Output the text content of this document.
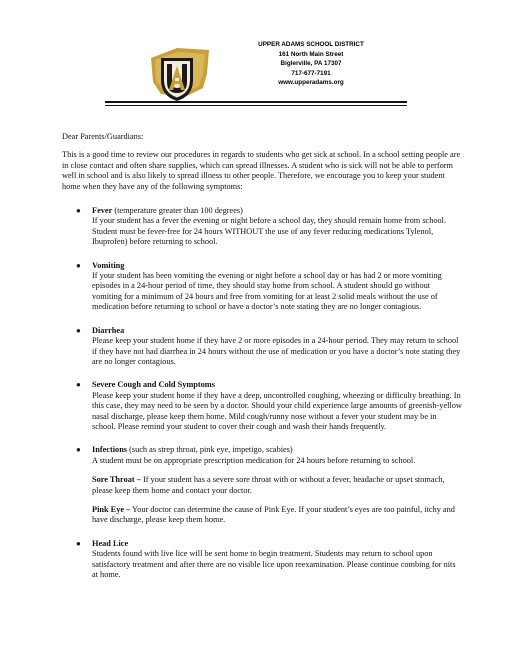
UPPER ADAMS SCHOOL DISTRICT
161 North Main Street
Biglerville, PA 17307
717-677-7191
www.upperadams.org

Dear Parents/Guardians:

This is a good time to review our procedures in regards to students who get sick at school. In a school setting people are in close contact and often share supplies, which can spread illnesses. A student who is sick will not be able to perform well in school and is also likely to spread illness to other people. Therefore, we encourage you to keep your student home when they have any of the following symptoms:

● Fever (temperature greater than 100 degrees)

If your student has a fever the evening or night before a school day, they should remain home from school. Student must be fever-free for 24 hours WITHOUT the use of any fever reducing medications Tylenol, Ibuprofen) before returning to school.

● Vomiting

If your student has been vomiting the evening or night before a school day or has had 2 or more vomiting episodes in a 24-hour period of time, they should stay home from school. A student should go without vomiting for a minimum of 24 hours and free from vomiting for at least 2 solid meals without the use of medication before returning to school or have a doctor’s note stating they are no longer contagious.

● Diarrhea

Please keep your student home if they have 2 or more episodes in a 24-hour period. They may return to school if they have not had diarrhea in 24 hours without the use of medication or you have a doctor’s note stating they are no longer contagious.

● Severe Cough and Cold Symptoms

Please keep your student home if they have a deep, uncontrolled coughing, wheezing or difficulty breathing. In this case, they may need to be seen by a doctor. Should your child experience large amounts of greenish-yellow nasal discharge, please keep them home. Mild cough/runny nose without a fever your student may be in school. Please remind your student to cover their cough and wash their hands frequently.

● Infections (such as strep throat, pink eye, impetigo, scabies)

A student must be on appropriate prescription medication for 24 hours before returning to school.

Sore Throat – If your student has a severe sore throat with or without a fever, headache or upset stomach, please keep them home and contact your doctor.

Pink Eye – Your doctor can determine the cause of Pink Eye. If your student’s eyes are too painful, itchy and have discharge, please keep them home.

● Head Lice

Students found with live lice will be sent home to begin treatment. Students may return to school upon satisfactory treatment and after there are no visible lice upon reexamination. Please continue combing for nits at home.
